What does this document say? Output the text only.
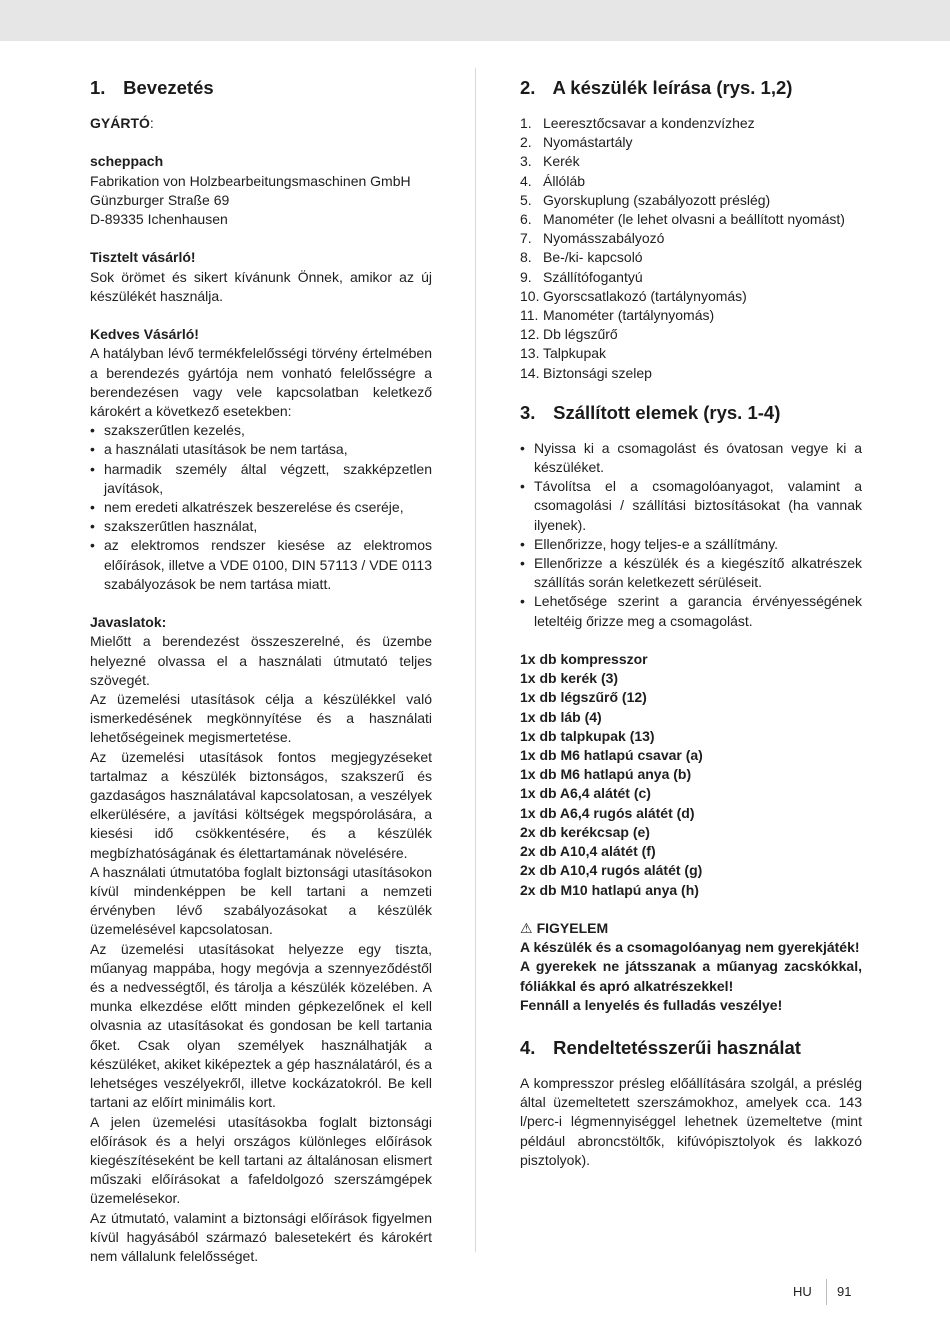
1. Bevezetés

GYÁRTÓ:

scheppach

Fabrikation von Holzbearbeitungsmaschinen GmbH

Günzburger Straße 69

D-89335 Ichenhausen

Tisztelt vásárló!

Sok örömet és sikert kívánunk Önnek, amikor az új készülékét használja.

Kedves Vásárló!

A hatályban lévő termékfelelősségi törvény értelmében a berendezés gyártója nem vonható felelősségre a berendezésen vagy vele kapcsolatban keletkező károkért a következő esetekben:

• szakszerűtlen kezelés,
• a használati utasítások be nem tartása,
• harmadik személy által végzett, szakképzetlen javítások,
• nem eredeti alkatrészek beszerelése és cseréje,
• szakszerűtlen használat,
• az elektromos rendszer kiesése az elektromos előírások, illetve a VDE 0100, DIN 57113 / VDE 0113 szabályozások be nem tartása miatt.

Javaslatok:

Mielőtt a berendezést összeszerelné, és üzembe helyezné olvassa el a használati útmutató teljes szövegét.

Az üzemelési utasítások célja a készülékkel való ismerkedésének megkönnyítése és a használati lehetőségeinek megismertetése.

Az üzemelési utasítások fontos megjegyzéseket tartalmaz a készülék biztonságos, szakszerű és gazdaságos használatával kapcsolatosan, a veszélyek elkerülésére, a javítási költségek megspórolására, a kiesési idő csökkentésére, és a készülék megbízhatóságának és élettartamának növelésére.

A használati útmutatóba foglalt biztonsági utasításokon kívül mindenképpen be kell tartani a nemzeti érvényben lévő szabályozásokat a készülék üzemelésével kapcsolatosan.

Az üzemelési utasításokat helyezze egy tiszta, műanyag mappába, hogy megóvja a szennyeződéstől és a nedvességtől, és tárolja a készülék közelében. A munka elkezdése előtt minden gépkezelőnek el kell olvasnia az utasításokat és gondosan be kell tartania őket. Csak olyan személyek használhatják a készüléket, akiket kiképeztek a gép használatáról, és a lehetséges veszélyekről, illetve kockázatokról. Be kell tartani az előírt minimális kort.

A jelen üzemelési utasításokba foglalt biztonsági előírások és a helyi országos különleges előírások kiegészítéseként be kell tartani az általánosan elismert műszaki előírásokat a fafeldolgozó szerszámgépek üzemelésekor.

Az útmutató, valamint a biztonsági előírások figyelmen kívül hagyásából származó balesetekért és károkért nem vállalunk felelősséget.

2. A készülék leírása (rys. 1,2)
1. Leeresztőcsavar a kondenzvízhez
2. Nyomástartály
3. Kerék
4. Állóláb
5. Gyorskuplung (szabályozott préslég)
6. Manométer (le lehet olvasni a beállított nyomást)
7. Nyomásszabályozó
8. Be-/ki- kapcsoló
9. Szállítófogantyú
10. Gyorscsatlakozó (tartálynyomás)
11. Manométer (tartálynyomás)
12. Db légszűrő
13. Talpkupak
14. Biztonsági szelep
3. Szállított elemek (rys. 1-4)
• Nyissa ki a csomagolást és óvatosan vegye ki a készüléket.
• Távolítsa el a csomagolóanyagot, valamint a csomagolási / szállítási biztosításokat (ha vannak ilyenek).
• Ellenőrizze, hogy teljes-e a szállítmány.
• Ellenőrizze a készülék és a kiegészítő alkatrészek szállítás során keletkezett sérüléseit.
• Lehetősége szerint a garancia érvényességének leteltéig őrizze meg a csomagolást.

1x db kompresszor

1x db kerék (3)

1x db légszűrő (12)

1x db láb (4)

1x db talpkupak (13)

1x db M6 hatlapú csavar (a)

1x db M6 hatlapú anya (b)

1x db A6,4 alátét (c)

1x db A6,4 rugós alátét (d)

2x db kerékcsap (e)

2x db A10,4 alátét (f)

2x db A10,4 rugós alátét (g)

2x db M10 hatlapú anya (h)

⚠ FIGYELEM

A készülék és a csomagolóanyag nem gyerekjáték!

A gyerekek ne játsszanak a műanyag zacskókkal, fóliákkal és apró alkatrészekkel!

Fennáll a lenyelés és fulladás veszélye!

4. Rendeltetésszerűi használat

A kompresszor présleg előállítására szolgál, a préslég által üzemeltetett szerszámokhoz, amelyek cca. 143 l/perc-i légmennyiséggel lehetnek üzemeltetve (mint például abroncstöltők, kifúvópisztolyok és lakkozó pisztolyok).

HU 91
